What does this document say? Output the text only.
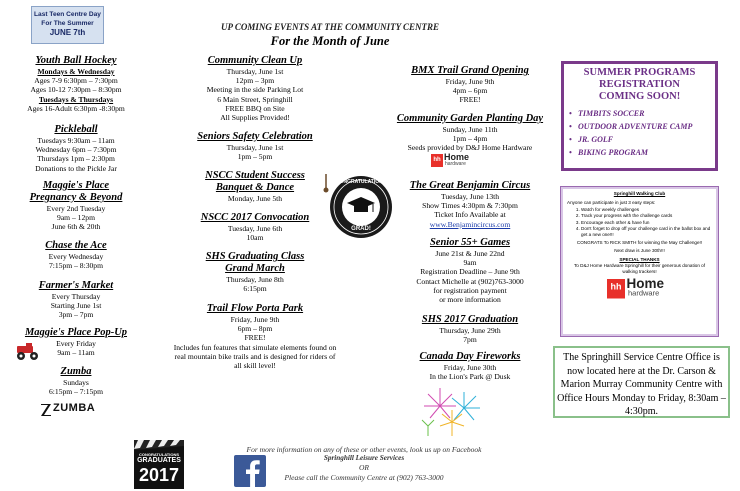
Last Teen Centre Day
For The Summer
JUNE 7th
UP COMING EVENTS AT THE COMMUNITY CENTRE
For the Month of June
Youth Ball Hockey
Mondays & Wednesday
Ages 7-9 6:30pm – 7:30pm
Ages 10-12 7:30pm – 8:30pm
Tuesdays & Thursdays
Ages 16-Adult 6:30pm -8:30pm
Pickleball
Tuesdays 9:30am – 11am
Wednesday 6pm – 7:30pm
Thursdays 1pm – 2:30pm
Donations to the Pickle Jar
Maggie's Place
Pregnancy & Beyond
Every 2nd Tuesday
9am – 12pm
June 6th & 20th
Chase the Ace
Every Wednesday
7:15pm – 8:30pm
Farmer's Market
Every Thursday
Starting June 1st
3pm – 7pm
Maggie's Place Pop-Up
Every Friday
9am – 11am
Zumba
Sundays
6:15pm – 7:15pm
ZUMBA
Community Clean Up
Thursday, June 1st
12pm – 3pm
Meeting in the side Parking Lot
6 Main Street, Springhill
FREE BBQ on Site
All Supplies Provided!
Seniors Safety Celebration
Thursday, June 1st
1pm – 5pm
NSCC Student Success
Banquet & Dance
Monday, June 5th
NSCC 2017 Convocation
Tuesday, June 6th
10am
SHS Graduating Class
Grand March
Thursday, June 8th
6:15pm
Trail Flow Porta Park
Friday, June 9th
6pm – 8pm
FREE!
Includes fun features that simulate elements found on
real mountain bike trails and is designed for riders of
all skill level!
CONGRATULATIONS
GRAD!
BMX Trail Grand Opening
Friday, June 9th
4pm – 6pm
FREE!
Community Garden Planting Day
Sunday, June 11th
1pm – 4pm
Seeds provided by D&J Home Hardware
hh Home
hardware
The Great Benjamin Circus
Tuesday, June 13th
Show Times 4:30pm & 7:30pm
Ticket Info Available at
www.Benjamincircus.com
Senior 55+ Games
June 21st & June 22nd
9am
Registration Deadline – June 9th
Contact Michelle at (902)763-3000
for registration payment
or more information
SHS 2017 Graduation
Thursday, June 29th
7pm
Canada Day Fireworks
Friday, June 30th
In the Lion's Park @ Dusk
SUMMER PROGRAMS
REGISTRATION
COMING SOON!
• TIMBITS SOCCER
• OUTDOOR ADVENTURE CAMP
• JR. GOLF
• BIKING PROGRAM
Springhill Walking Club
Anyone can participate in just 3 easy steps:
1. Watch for weekly challenges
2. Track your progress with the challenge cards
3. Encourage each other & have fun
4. Don't forget to drop off your challenge card in the ballot box and get a new one!!!
CONGRATS To RICK SMITH for winning the May Challenge!!
Next draw is June 30th!!!
SPECIAL THANKS
To D&J Home Hardware Springhill for their generous donation of walking trackers!
hh Home
hardware
The Springhill Service Centre Office is now located here at the Dr. Carson & Marion Murray Community Centre with Office Hours Monday to Friday, 8:30am – 4:30pm.
CONGRATULATIONS
GRADUATES
2017
For more information on any of these or other events, look us up on Facebook
Springhill Leisure Services
OR
Please call the Community Centre at (902) 763-3000
